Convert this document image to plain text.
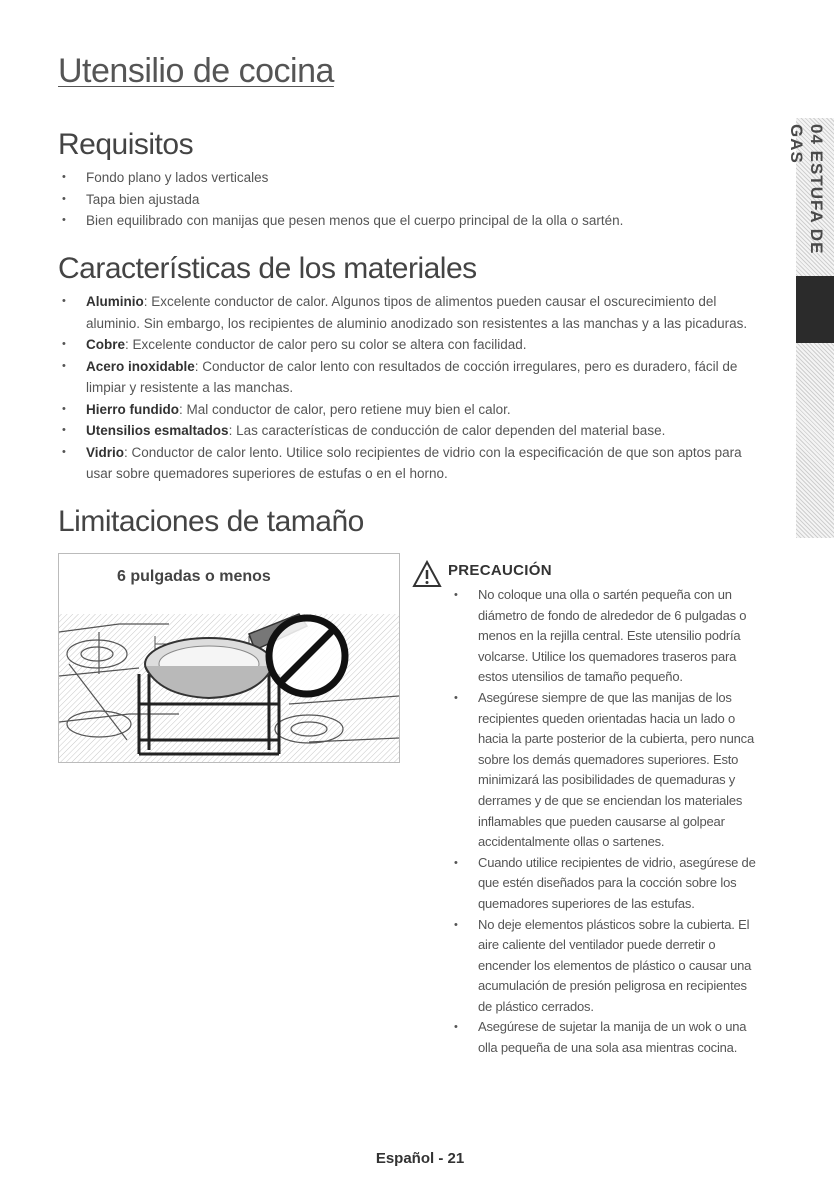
Utensilio de cocina
04 ESTUFA DE GAS
Requisitos
• Fondo plano y lados verticales
• Tapa bien ajustada
• Bien equilibrado con manijas que pesen menos que el cuerpo principal de la olla o sartén.
Características de los materiales
• Aluminio: Excelente conductor de calor. Algunos tipos de alimentos pueden causar el oscurecimiento del aluminio. Sin embargo, los recipientes de aluminio anodizado son resistentes a las manchas y a las picaduras.
• Cobre: Excelente conductor de calor pero su color se altera con facilidad.
• Acero inoxidable: Conductor de calor lento con resultados de cocción irregulares, pero es duradero, fácil de limpiar y resistente a las manchas.
• Hierro fundido: Mal conductor de calor, pero retiene muy bien el calor.
• Utensilios esmaltados: Las características de conducción de calor dependen del material base.
• Vidrio: Conductor de calor lento. Utilice solo recipientes de vidrio con la especificación de que son aptos para usar sobre quemadores superiores de estufas o en el horno.
Limitaciones de tamaño
6 pulgadas o menos	PRECAUCIÓN
• No coloque una olla o sartén pequeña con un diámetro de fondo de alrededor de 6 pulgadas o menos en la rejilla central. Este utensilio podría volcarse. Utilice los quemadores traseros para estos utensilios de tamaño pequeño.
• Asegúrese siempre de que las manijas de los recipientes queden orientadas hacia un lado o hacia la parte posterior de la cubierta, pero nunca sobre los demás quemadores superiores. Esto minimizará las posibilidades de quemaduras y derrames y de que se enciendan los materiales inflamables que pueden causarse al golpear accidentalmente ollas o sartenes.
• Cuando utilice recipientes de vidrio, asegúrese de que estén diseñados para la cocción sobre los quemadores superiores de las estufas.
• No deje elementos plásticos sobre la cubierta. El aire caliente del ventilador puede derretir o encender los elementos de plástico o causar una acumulación de presión peligrosa en recipientes de plástico cerrados.
• Asegúrese de sujetar la manija de un wok o una olla pequeña de una sola asa mientras cocina.
Español - 21
